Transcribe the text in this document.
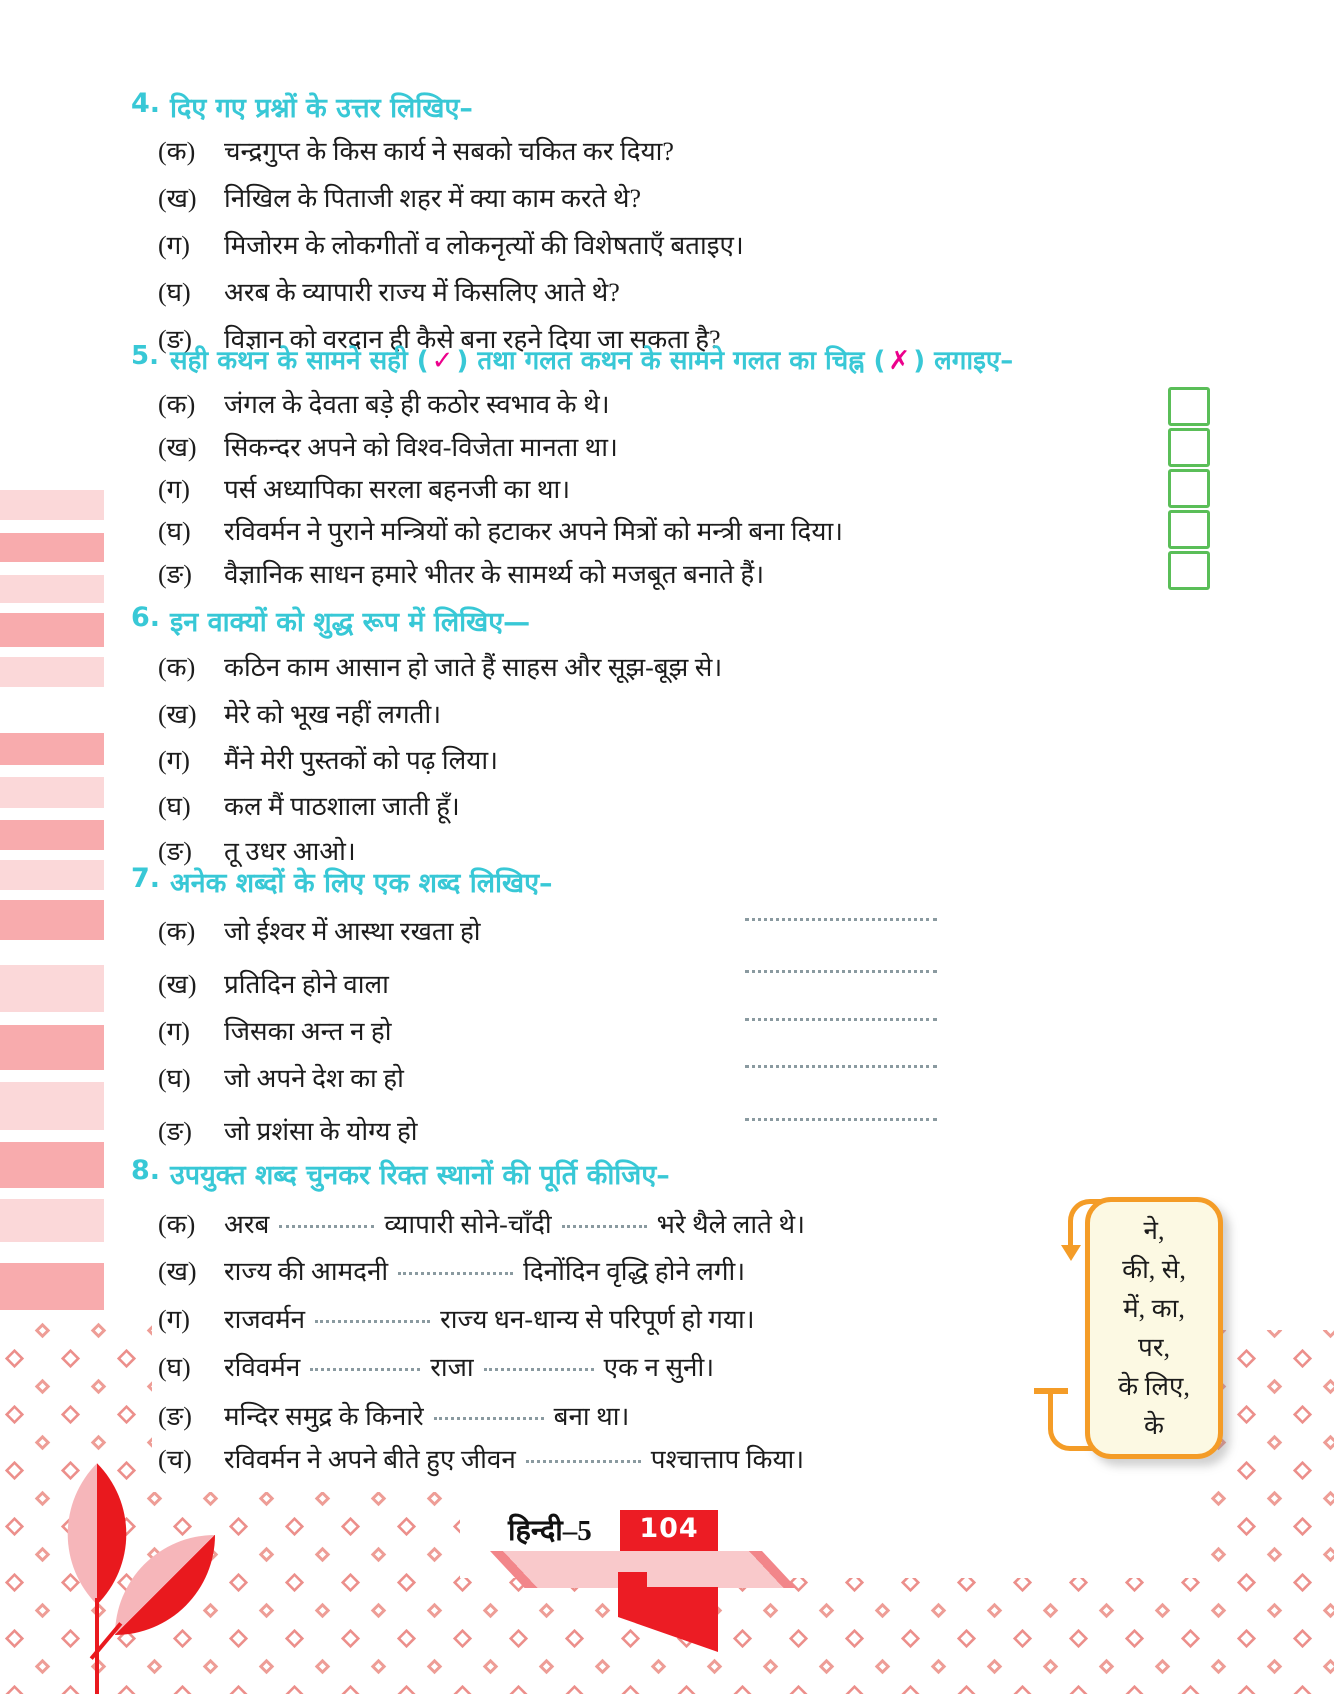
4. दिए गए प्रश्नों के उत्तर लिखिए–
(क)	चन्द्रगुप्त के किस कार्य ने सबको चकित कर दिया?
(ख)	निखिल के पिताजी शहर में क्या काम करते थे?
(ग)	मिजोरम के लोकगीतों व लोकनृत्यों की विशेषताएँ बताइए।
(घ)	अरब के व्यापारी राज्य में किसलिए आते थे?
(ङ)	विज्ञान को वरदान ही कैसे बना रहने दिया जा सकता है?
5. सही कथन के सामने सही ( ✓ ) तथा गलत कथन के सामने गलत का चिह्न ( ✗ ) लगाइए–
(क)	जंगल के देवता बड़े ही कठोर स्वभाव के थे।
(ख)	सिकन्दर अपने को विश्व-विजेता मानता था।
(ग)	पर्स अध्यापिका सरला बहनजी का था।
(घ)	रविवर्मन ने पुराने मन्त्रियों को हटाकर अपने मित्रों को मन्त्री बना दिया।
(ङ)	वैज्ञानिक साधन हमारे भीतर के सामर्थ्य को मजबूत बनाते हैं।
6. इन वाक्यों को शुद्ध रूप में लिखिए—
(क)	कठिन काम आसान हो जाते हैं साहस और सूझ-बूझ से।
(ख)	मेरे को भूख नहीं लगती।
(ग)	मैंने मेरी पुस्तकों को पढ़ लिया।
(घ)	कल मैं पाठशाला जाती हूँ।
(ङ)	तू उधर आओ।
7. अनेक शब्दों के लिए एक शब्द लिखिए–
(क)	जो ईश्वर में आस्था रखता हो
(ख)	प्रतिदिन होने वाला
(ग)	जिसका अन्त न हो
(घ)	जो अपने देश का हो
(ङ)	जो प्रशंसा के योग्य हो
8. उपयुक्त शब्द चुनकर रिक्त स्थानों की पूर्ति कीजिए–
(क)	अरब	व्यापारी सोने-चाँदी	भरे थैले लाते थे।
(ख)	राज्य की आमदनी	दिनोंदिन वृद्धि होने लगी।
(ग)	राजवर्मन	राज्य धन-धान्य से परिपूर्ण हो गया।
(घ)	रविवर्मन	राजा	एक न सुनी।
(ङ)	मन्दिर समुद्र के किनारे	बना था।
(च)	रविवर्मन ने अपने बीते हुए जीवन	पश्चात्ताप किया।
ने,
की, से,
में, का,
पर,
के लिए,
के
104
हिन्दी–5
